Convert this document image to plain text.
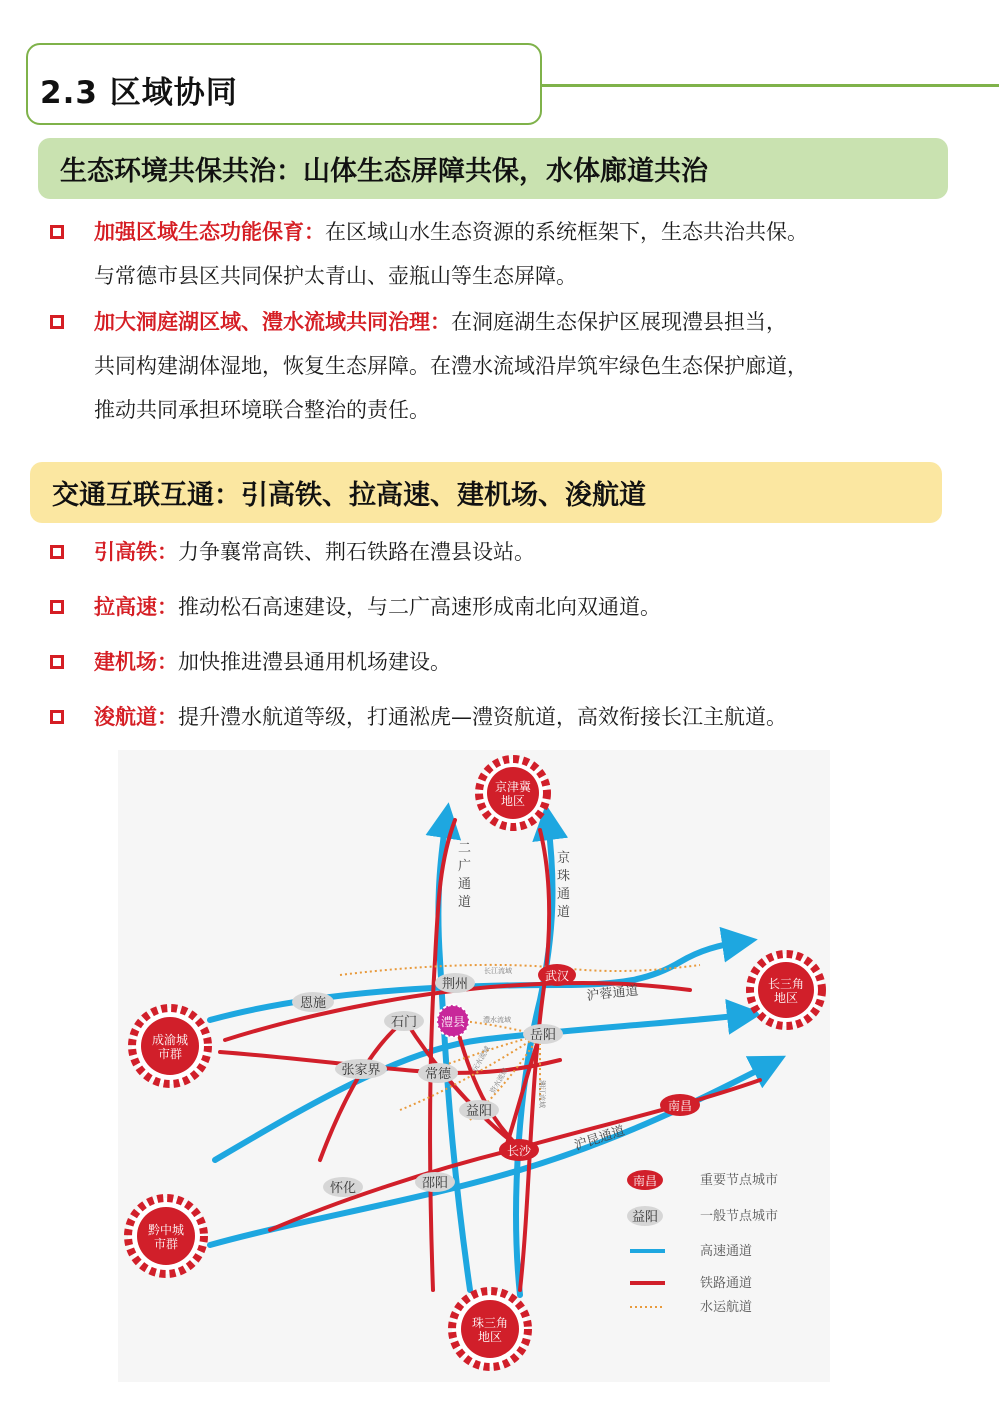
2.3 区域协同
生态环境共保共治：山体生态屏障共保，水体廊道共治
加强区域生态功能保育：在区域山水生态资源的系统框架下，生态共治共保。
与常德市县区共同保护太青山、壶瓶山等生态屏障。
加大洞庭湖区域、澧水流域共同治理：在洞庭湖生态保护区展现澧县担当，
共同构建湖体湿地，恢复生态屏障。在澧水流域沿岸筑牢绿色生态保护廊道，
推动共同承担环境联合整治的责任。
交通互联互通：引高铁、拉高速、建机场、浚航道
引高铁：力争襄常高铁、荆石铁路在澧县设站。
拉高速：推动松石高速建设，与二广高速形成南北向双通道。
建机场：加快推进澧县通用机场建设。
浚航道：提升澧水航道等级，打通淞虎—澧资航道，高效衔接长江主航道。
长江流域
澧水流域
沅水流域
资水流域	湘江流域
二
广
通
道
京
珠
通
道
沪蓉通道
沪昆通道
京津冀
地区
长三角
地区
成渝城
市群
黔中城
市群
珠三角
地区
武汉
长沙
南昌
澧县
荆州
恩施
石门
岳阳
张家界	常德
益阳
怀化	邵阳	南昌	重要节点城市
益阳	一般节点城市
高速通道
铁路通道
水运航道
